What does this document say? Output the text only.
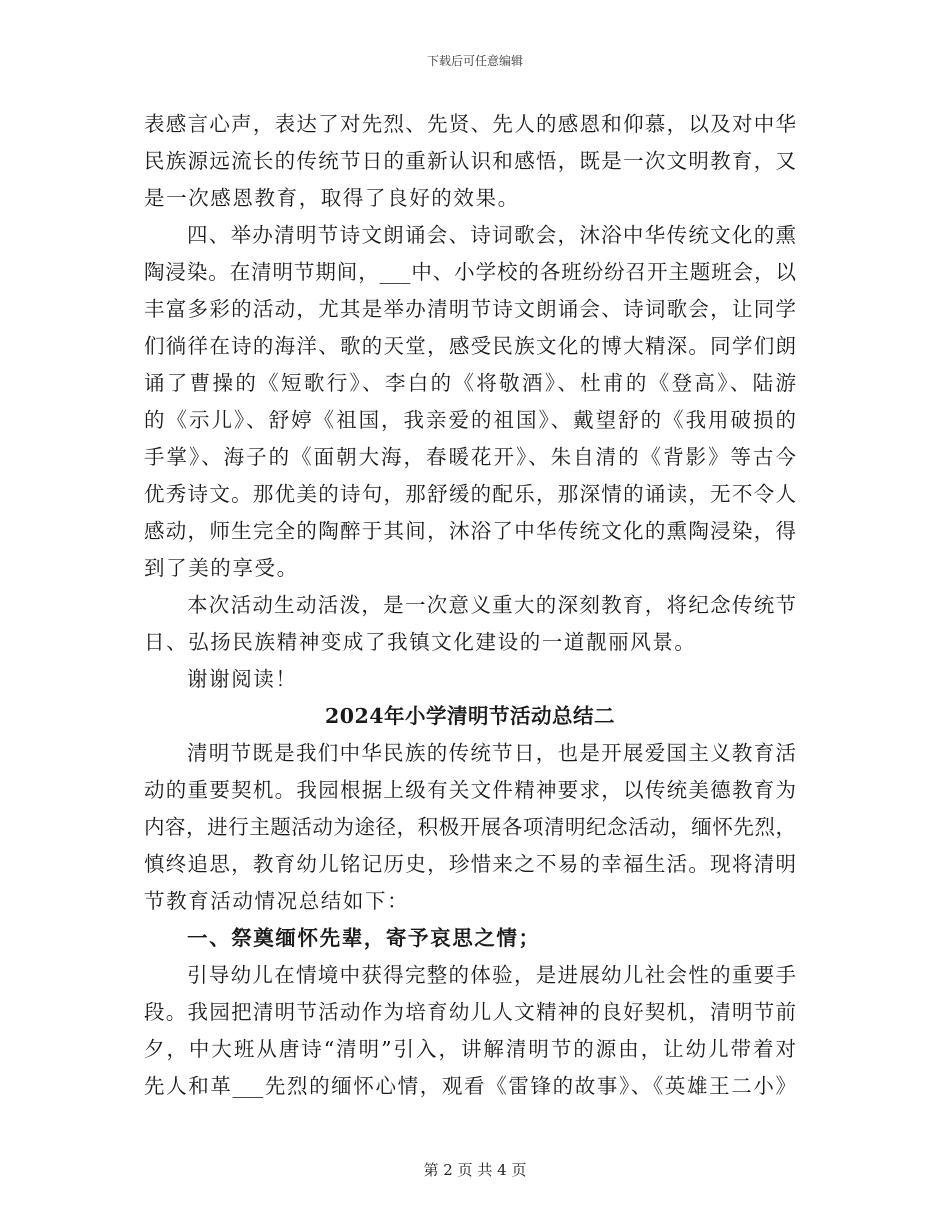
下载后可任意编辑
表感言心声，表达了对先烈、先贤、先人的感恩和仰慕，以及对中华
民族源远流长的传统节日的重新认识和感悟，既是一次文明教育，又
是一次感恩教育，取得了良好的效果。
四、举办清明节诗文朗诵会、诗词歌会，沐浴中华传统文化的熏
陶浸染。在清明节期间，___中、小学校的各班纷纷召开主题班会，以
丰富多彩的活动，尤其是举办清明节诗文朗诵会、诗词歌会，让同学
们徜徉在诗的海洋、歌的天堂，感受民族文化的博大精深。同学们朗
诵了曹操的《短歌行》、李白的《将敬酒》、杜甫的《登高》、陆游
的《示儿》、舒婷《祖国，我亲爱的祖国》、戴望舒的《我用破损的
手掌》、海子的《面朝大海，春暖花开》、朱自清的《背影》等古今
优秀诗文。那优美的诗句，那舒缓的配乐，那深情的诵读，无不令人
感动，师生完全的陶醉于其间，沐浴了中华传统文化的熏陶浸染，得
到了美的享受。
本次活动生动活泼，是一次意义重大的深刻教育，将纪念传统节
日、弘扬民族精神变成了我镇文化建设的一道靓丽风景。
谢谢阅读！
2024年小学清明节活动总结二
清明节既是我们中华民族的传统节日，也是开展爱国主义教育活
动的重要契机。我园根据上级有关文件精神要求，以传统美德教育为
内容，进行主题活动为途径，积极开展各项清明纪念活动，缅怀先烈，
慎终追思，教育幼儿铭记历史，珍惜来之不易的幸福生活。现将清明
节教育活动情况总结如下：
一、祭奠缅怀先辈，寄予哀思之情；
引导幼儿在情境中获得完整的体验，是进展幼儿社会性的重要手
段。我园把清明节活动作为培育幼儿人文精神的良好契机，清明节前
夕，中大班从唐诗“清明”引入，讲解清明节的源由，让幼儿带着对
先人和革___先烈的缅怀心情，观看《雷锋的故事》、《英雄王二小》
第 2 页 共 4 页
